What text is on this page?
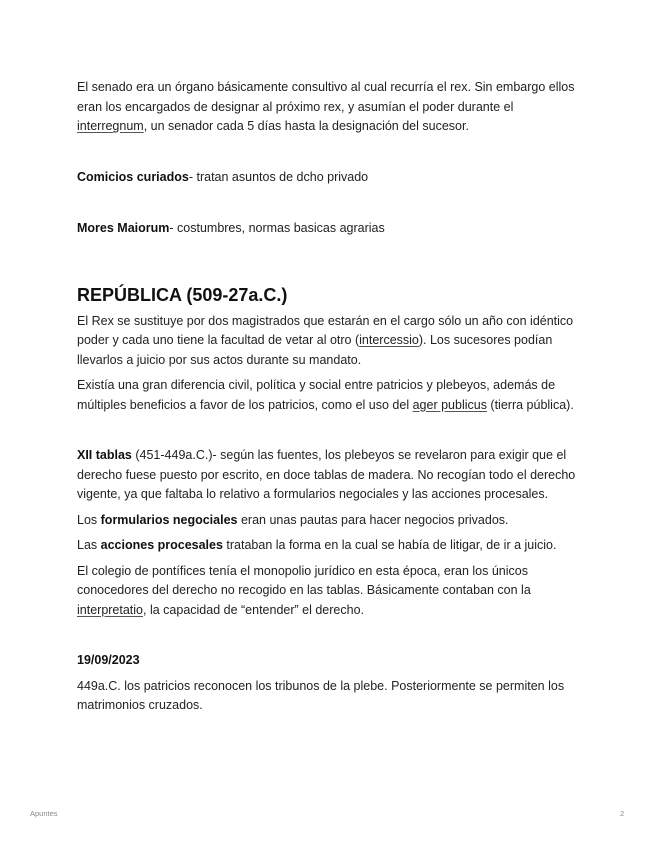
El senado era un órgano básicamente consultivo al cual recurría el rex. Sin embargo ellos eran los encargados de designar al próximo rex, y asumían el poder durante el interregnum, un senador cada 5 días hasta la designación del sucesor.

Comicios curiados- tratan asuntos de dcho privado

Mores Maiorum- costumbres, normas basicas agrarias

REPÚBLICA (509-27a.C.)

El Rex se sustituye por dos magistrados que estarán en el cargo sólo un año con idéntico poder y cada uno tiene la facultad de vetar al otro (intercessio). Los sucesores podían llevarlos a juicio por sus actos durante su mandato.

Existía una gran diferencia civil, política y social entre patricios y plebeyos, además de múltiples beneficios a favor de los patricios, como el uso del ager publicus (tierra pública).

XII tablas (451-449a.C.)- según las fuentes, los plebeyos se revelaron para exigir que el derecho fuese puesto por escrito, en doce tablas de madera. No recogían todo el derecho vigente, ya que faltaba lo relativo a formularios negociales y las acciones procesales.

Los formularios negociales eran unas pautas para hacer negocios privados.

Las acciones procesales trataban la forma en la cual se había de litigar, de ir a juicio.

El colegio de pontífices tenía el monopolio jurídico en esta época, eran los únicos conocedores del derecho no recogido en las tablas. Básicamente contaban con la interpretatio, la capacidad de “entender” el derecho.

19/09/2023

449a.C. los patricios reconocen los tribunos de la plebe. Posteriormente se permiten los matrimonios cruzados.

Apuntes	2
